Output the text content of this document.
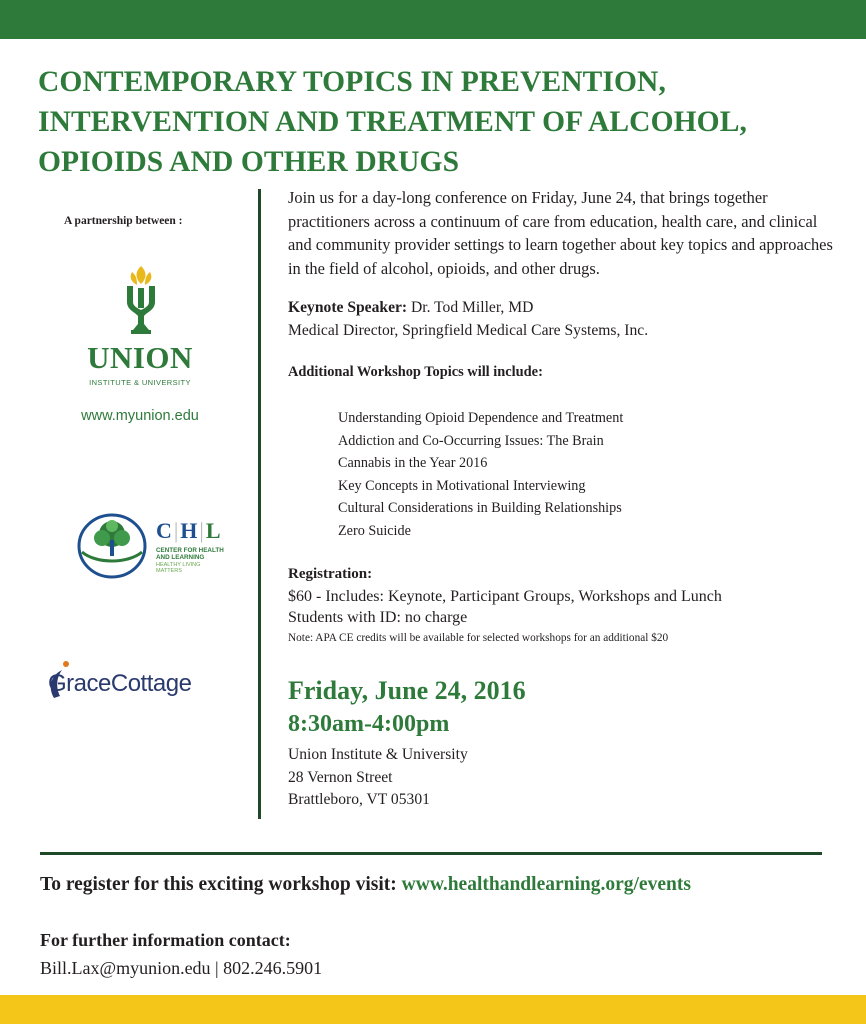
CONTEMPORARY TOPICS IN PREVENTION, INTERVENTION AND TREATMENT OF ALCOHOL, OPIOIDS AND OTHER DRUGS
A partnership between :
UNION
INSTITUTE & UNIVERSITY
www.myunion.edu
C|H|L
CENTER FOR HEALTH AND LEARNING
HEALTHY LIVING MATTERS
GraceCottage

Join us for a day-long conference on Friday, June 24, that brings together practitioners across a continuum of care from education, health care, and clinical and community provider settings to learn together about key topics and approaches in the field of alcohol, opioids, and other drugs.

Keynote Speaker: Dr. Tod Miller, MD
Medical Director, Springfield Medical Care Systems, Inc.
Additional Workshop Topics will include:
Understanding Opioid Dependence and Treatment
Addiction and Co-Occurring Issues: The Brain
Cannabis in the Year 2016
Key Concepts in Motivational Interviewing
Cultural Considerations in Building Relationships
Zero Suicide
Registration:
$60 - Includes: Keynote, Participant Groups, Workshops and Lunch
Students with ID: no charge
Note: APA CE credits will be available for selected workshops for an additional $20
Friday, June 24, 2016
8:30am-4:00pm
Union Institute & University
28 Vernon Street
Brattleboro, VT 05301
To register for this exciting workshop visit: www.healthandlearning.org/events
For further information contact:
Bill.Lax@myunion.edu | 802.246.5901
